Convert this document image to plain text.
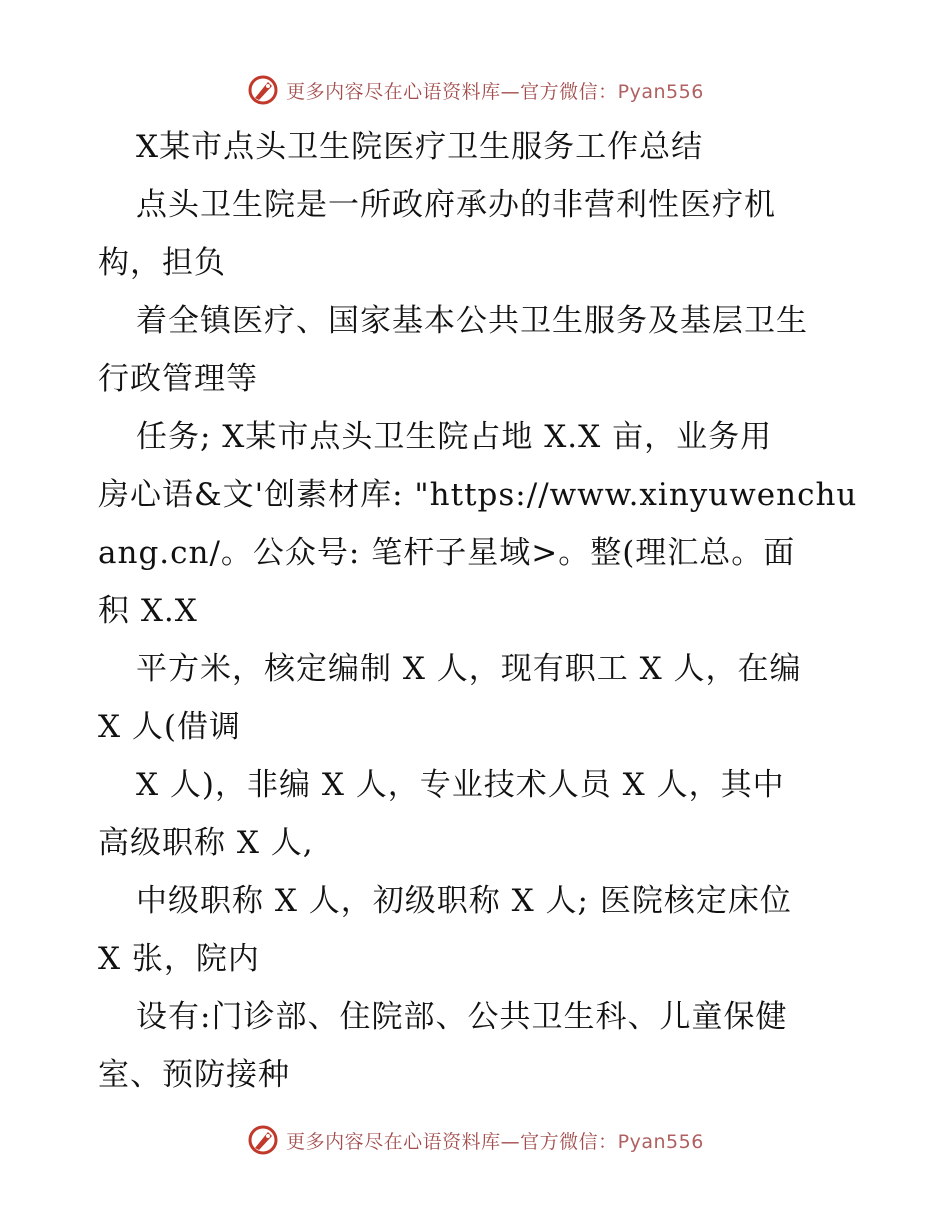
更多内容尽在心语资料库—官方微信：Pyan556
X某市点头卫生院医疗卫生服务工作总结
点头卫生院是一所政府承办的非营利性医疗机
构，担负
着全镇医疗、国家基本公共卫生服务及基层卫生
行政管理等
任务; X某市点头卫生院占地 X.X 亩，业务用
房心语&文'创素材库: "https://www.xinyuwenchu
ang.cn/。公众号: 笔杆子星域>。整(理汇总。面
积 X.X
平方米，核定编制 X 人，现有职工 X 人，在编
X 人(借调
X 人)，非编 X 人，专业技术人员 X 人，其中
高级职称 X 人,
中级职称 X 人，初级职称 X 人; 医院核定床位
X 张，院内
设有:门诊部、住院部、公共卫生科、儿童保健
室、预防接种
更多内容尽在心语资料库—官方微信：Pyan556
